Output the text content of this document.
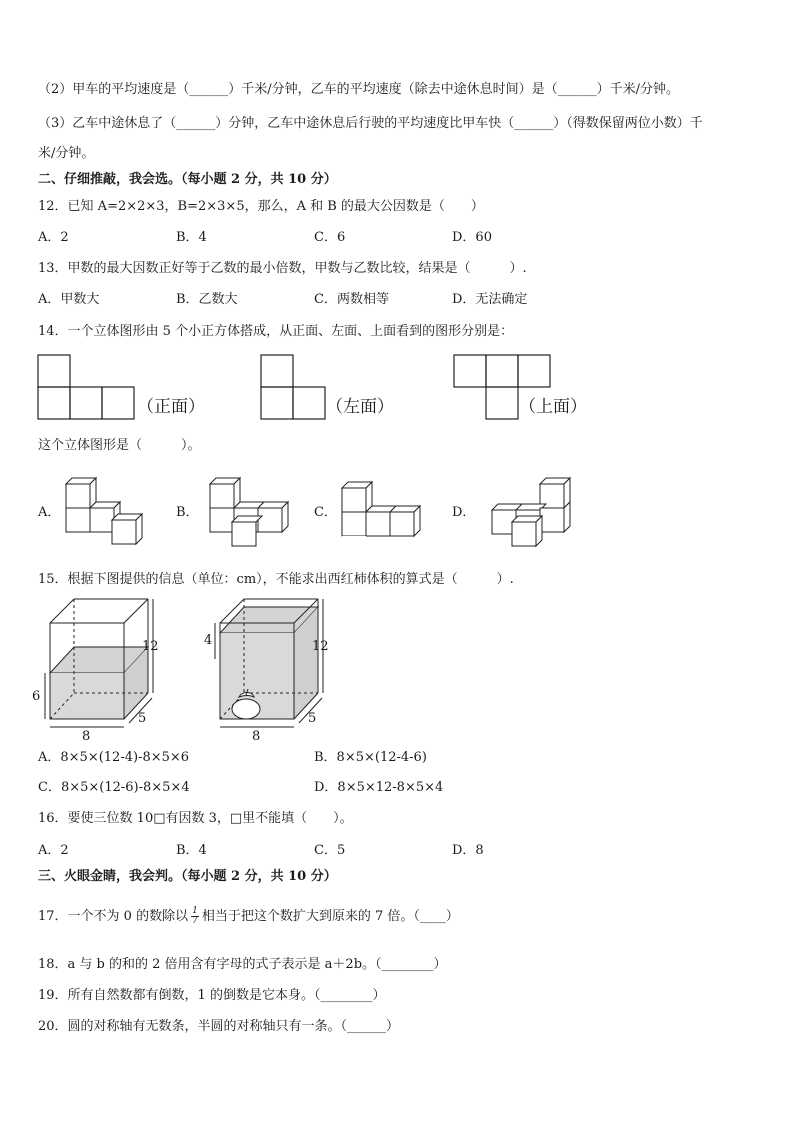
（2）甲车的平均速度是（______）千米/分钟，乙车的平均速度（除去中途休息时间）是（______）千米/分钟。
（3）乙车中途休息了（______）分钟，乙车中途休息后行驶的平均速度比甲车快（______）（得数保留两位小数）千
米/分钟。
二、仔细推敲，我会选。（每小题 2 分，共 10 分）
12．已知 A=2×2×3，B=2×3×5，那么，A 和 B 的最大公因数是（　　）
A．2	B．4	C．6	D．60
13．甲数的最大因数正好等于乙数的最小倍数，甲数与乙数比较，结果是（　　　）.
A．甲数大	B．乙数大	C．两数相等	D．无法确定
14．一个立体图形由 5 个小正方体搭成，从正面、左面、上面看到的图形分别是：
（正面）	（左面）	（上面）
这个立体图形是（　　　）。
A．	B．	C．	D．
15．根据下图提供的信息（单位：cm），不能求出西红柿体积的算式是（　　　）.
12
6
8
5
4	12
8
5
A．8×5×(12-4)-8×5×6	B．8×5×(12-4-6)
C．8×5×(12-6)-8×5×4	D．8×5×12-8×5×4
16．要使三位数 10□有因数 3，□里不能填（　　）。
A．2	B．4	C．5	D．8
三、火眼金睛，我会判。（每小题 2 分，共 10 分）
17．一个不为 0 的数除以 $\frac{1}{7}$ 相当于把这个数扩大到原来的 7 倍。（____）
18．a 与 b 的和的 2 倍用含有字母的式子表示是 a＋2b。（________）
19．所有自然数都有倒数，1 的倒数是它本身。（________）
20．圆的对称轴有无数条，半圆的对称轴只有一条。（______）
